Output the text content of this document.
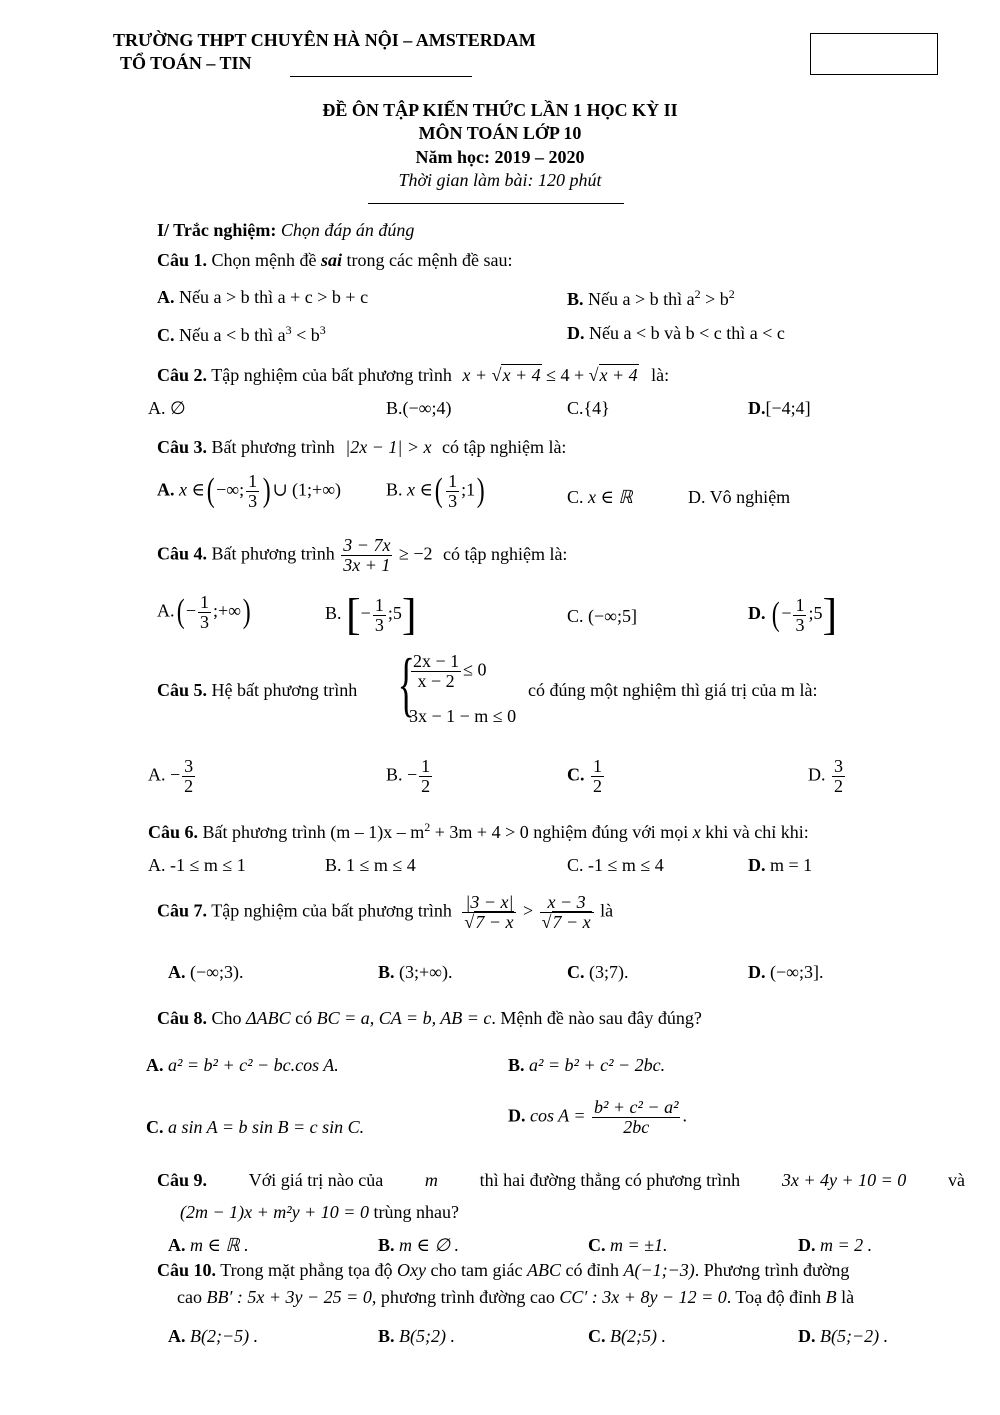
TRƯỜNG THPT CHUYÊN HÀ NỘI – AMSTERDAM
TỔ TOÁN – TIN
ĐỀ ÔN TẬP KIẾN THỨC LẦN 1 HỌC KỲ II
MÔN TOÁN LỚP 10
Năm học: 2019 – 2020
Thời gian làm bài: 120 phút
I/ Trắc nghiệm: Chọn đáp án đúng
Câu 1. Chọn mệnh đề sai trong các mệnh đề sau:
A. Nếu a > b thì a + c > b + c	B. Nếu a > b thì $a^2 > b^2$
C. Nếu a < b thì $a^3 < b^3$	D. Nếu a < b và b < c thì a < c
Câu 2. Tập nghiệm của bất phương trình x + √x + 4 ≤ 4 + √x + 4 là:
A. ∅	B.(−∞;4)	C.{4}	D.[−4;4]
Câu 3. Bất phương trình |2x − 1| > x có tập nghiệm là:
A. x ∈(−∞; $\frac{1}{3}$ )∪ (1;+∞) B. x ∈( $\frac{1}{3}$ ;1)	C. x ∈ ℝ	D. Vô nghiệm
Câu 4. Bất phương trình $\frac{3 - 7x}{3x + 1} \ge -2$ có tập nghiệm là:
$A.(- \frac{1}{3}$ ;+∞)	B. [− $\frac{1}{3}$ ;5]	C. (−∞;5]	D. (− $\frac{1}{3}$ ;5]
Câu 5. Hệ bất phương trình {
$\frac{2x - 1}{x - 2} \le 0$
3x − 1 − m ≤ 0
có đúng một nghiệm thì giá trị của m là:
A. − $\frac{3}{2}$	B. − $\frac{1}{2}$	C. $\frac{1}{2}$	D. $\frac{3}{2}$
Câu 6. Bất phương trình $(m - 1)x - m^2 + 3m + 4 > 0$ nghiệm đúng với mọi x khi và chỉ khi:
A. -1 ≤ m ≤ 1	B. 1 ≤ m ≤ 4	C. -1 ≤ m ≤ 4	D. m = 1
Câu 7. Tập nghiệm của bất phương trình $\frac{|3 - x|}{√7 - x} > \frac{x - 3}{√7 - x}$ là
A. (−∞;3).	B. (3;+∞).	C. (3;7).	D. (−∞;3].
Câu 8. Cho ΔABC có BC = a, CA = b, AB = c. Mệnh đề nào sau đây đúng?
A. a² = b² + c² − bc.cos A.	B. a² = b² + c² − 2bc.
C. a sin A = b sin B = c sin C.
D. $\cos A = \frac{\text{b² + c² − a²}}{2bc}$ .
Câu 9. Với giá trị nào của m thì hai đường thẳng có phương trình 3x + 4y + 10 = 0 và
(2m − 1)x + m²y + 10 = 0 trùng nhau?
A. m ∈ ℝ .	B. m ∈ ∅ .	C. m = ±1.	D. m = 2 .
Câu 10. Trong mặt phẳng tọa độ Oxy cho tam giác ABC có đỉnh A(−1;−3). Phương trình đường
cao BB′ : 5x + 3y − 25 = 0, phương trình đường cao CC′ : 3x + 8y − 12 = 0. Toạ độ đỉnh B là
A. B(2;−5) .	B. B(5;2) .	C. B(2;5) .	D. B(5;−2) .
